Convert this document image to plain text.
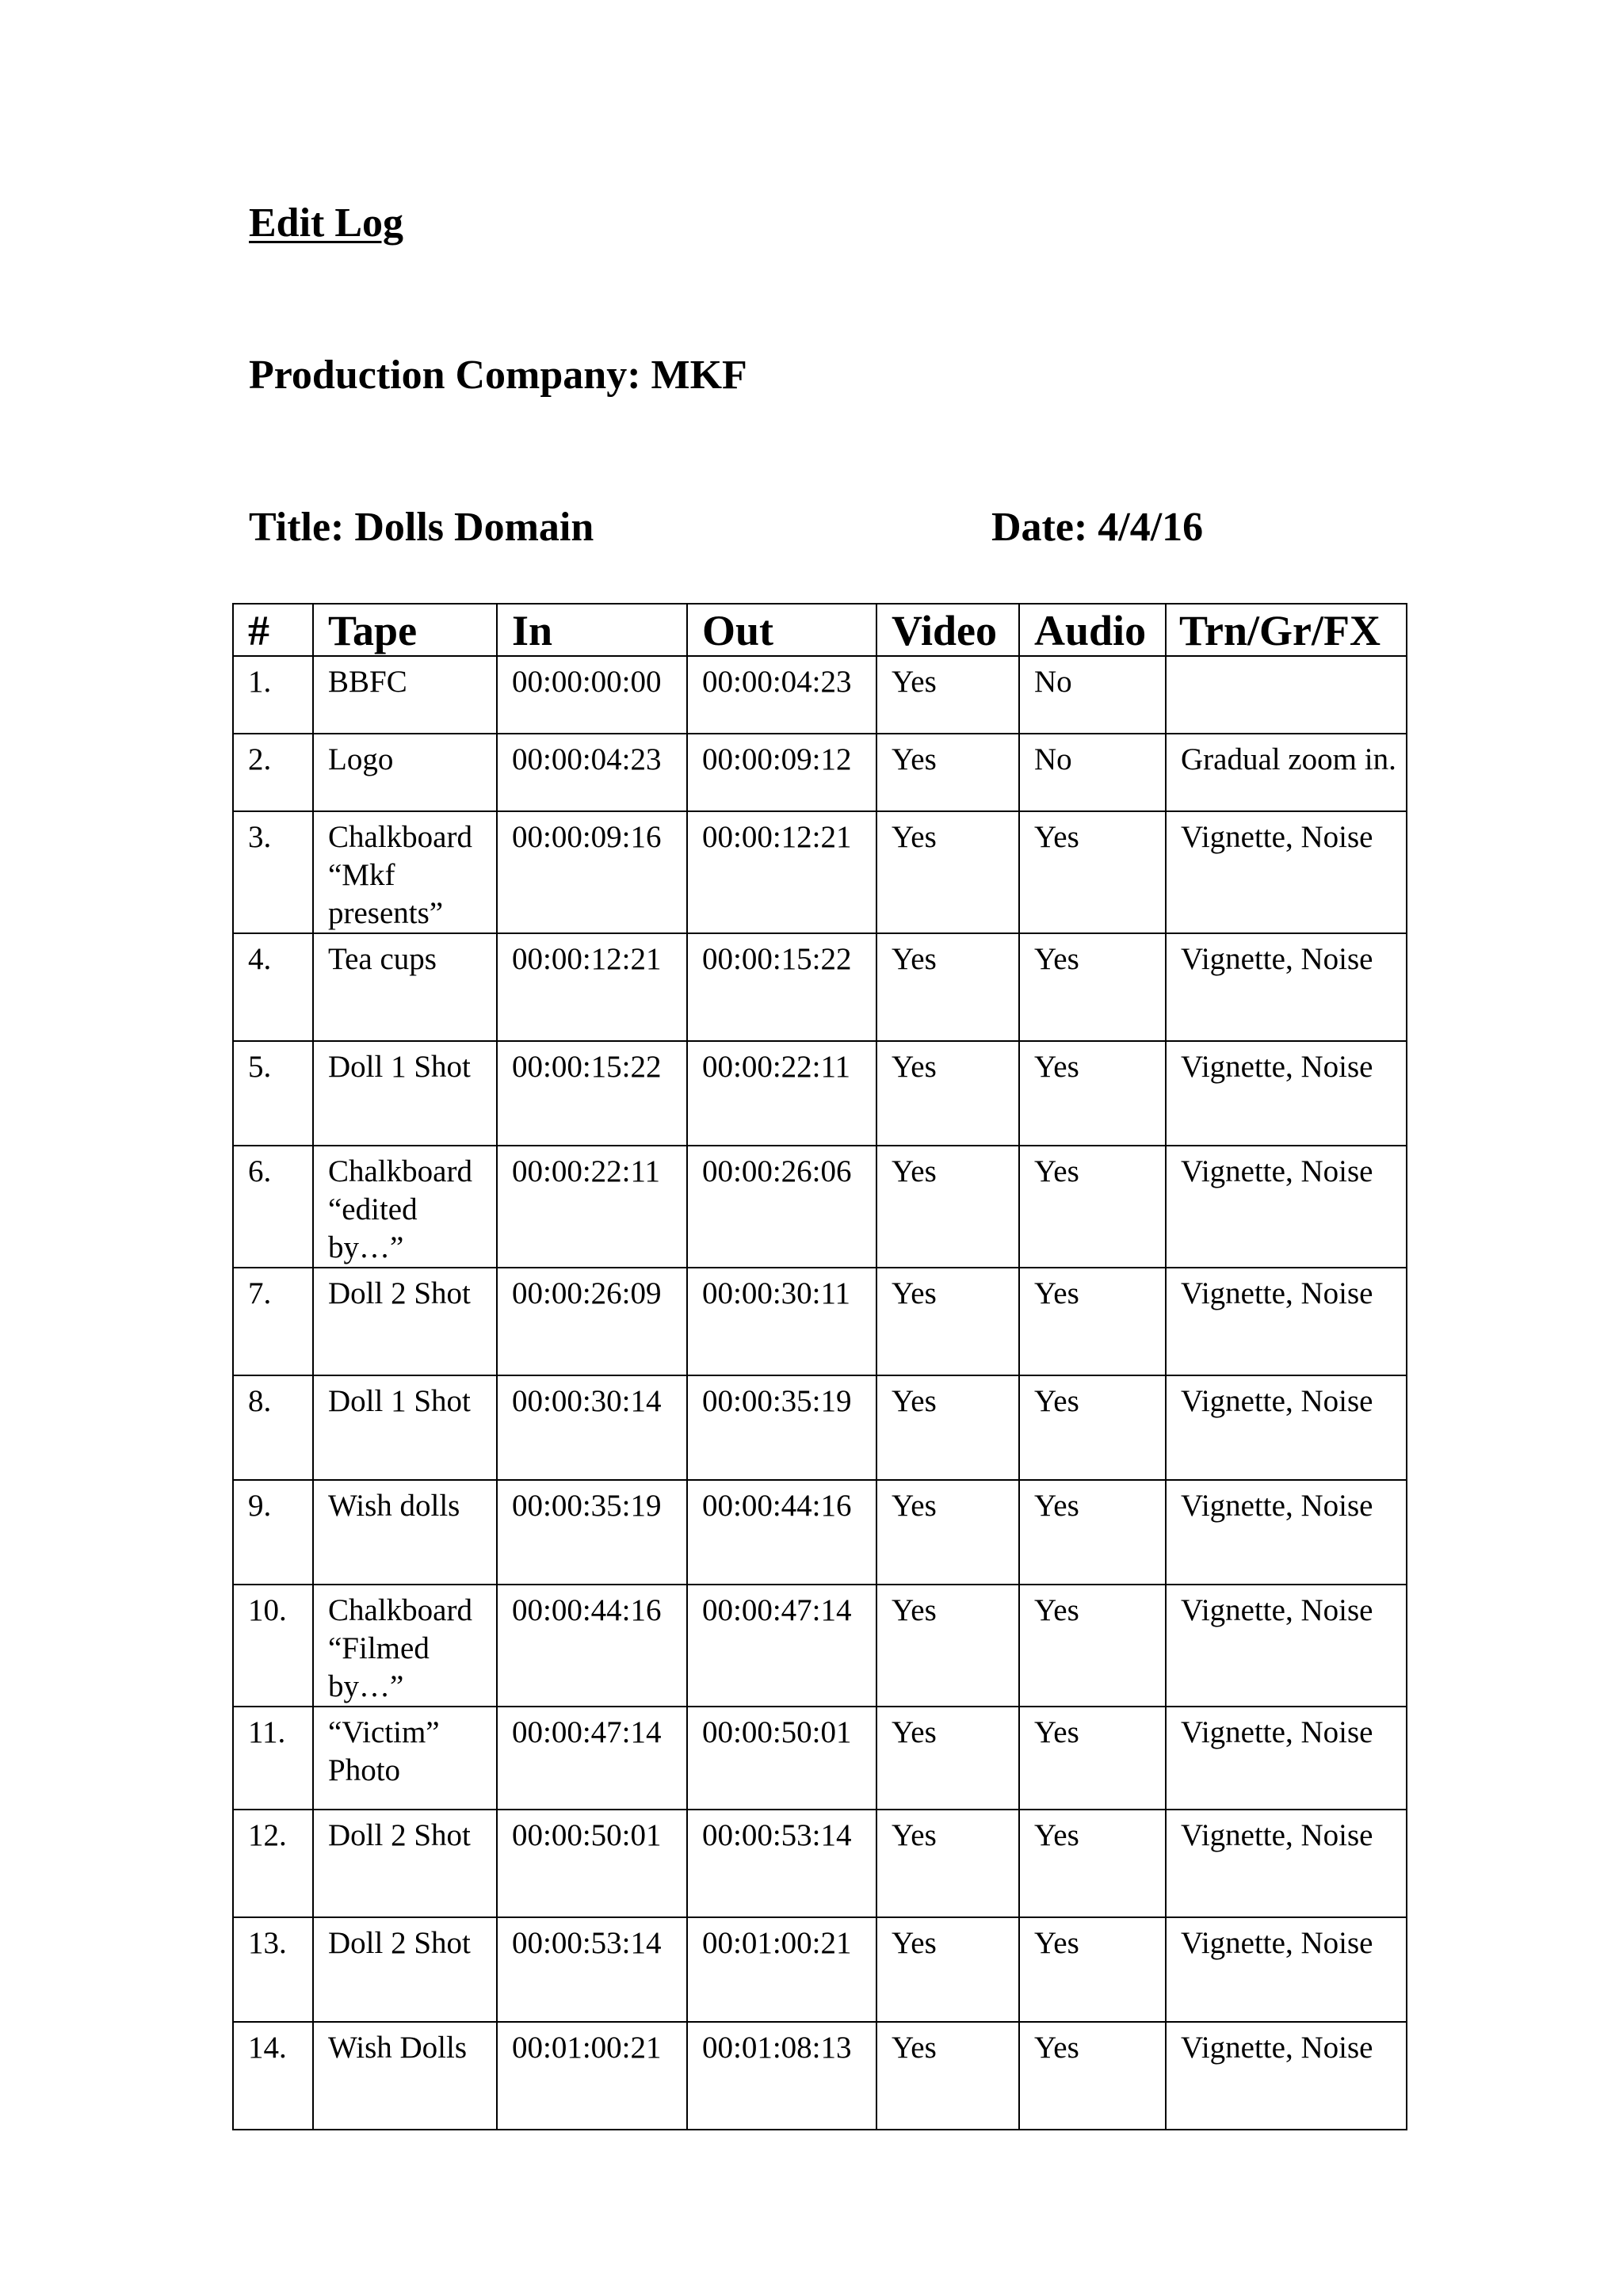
Edit Log
Production Company: MKF
Title: Dolls Domain	Date: 4/4/16
#	Tape	In	Out	Video	Audio	Trn/Gr/FX
1.	BBFC	00:00:00:00	00:00:04:23	Yes	No	
2.	Logo	00:00:04:23	00:00:09:12	Yes	No	Gradual zoom in.
3.	Chalkboard “Mkf presents”	00:00:09:16	00:00:12:21	Yes	Yes	Vignette, Noise
4.	Tea cups	00:00:12:21	00:00:15:22	Yes	Yes	Vignette, Noise
5.	Doll 1 Shot	00:00:15:22	00:00:22:11	Yes	Yes	Vignette, Noise
6.	Chalkboard “edited by…”	00:00:22:11	00:00:26:06	Yes	Yes	Vignette, Noise
7.	Doll 2 Shot	00:00:26:09	00:00:30:11	Yes	Yes	Vignette, Noise
8.	Doll 1 Shot	00:00:30:14	00:00:35:19	Yes	Yes	Vignette, Noise
9.	Wish dolls	00:00:35:19	00:00:44:16	Yes	Yes	Vignette, Noise
10.	Chalkboard “Filmed by…”	00:00:44:16	00:00:47:14	Yes	Yes	Vignette, Noise
11.	“Victim” Photo	00:00:47:14	00:00:50:01	Yes	Yes	Vignette, Noise
12.	Doll 2 Shot	00:00:50:01	00:00:53:14	Yes	Yes	Vignette, Noise
13.	Doll 2 Shot	00:00:53:14	00:01:00:21	Yes	Yes	Vignette, Noise
14.	Wish Dolls	00:01:00:21	00:01:08:13	Yes	Yes	Vignette, Noise
